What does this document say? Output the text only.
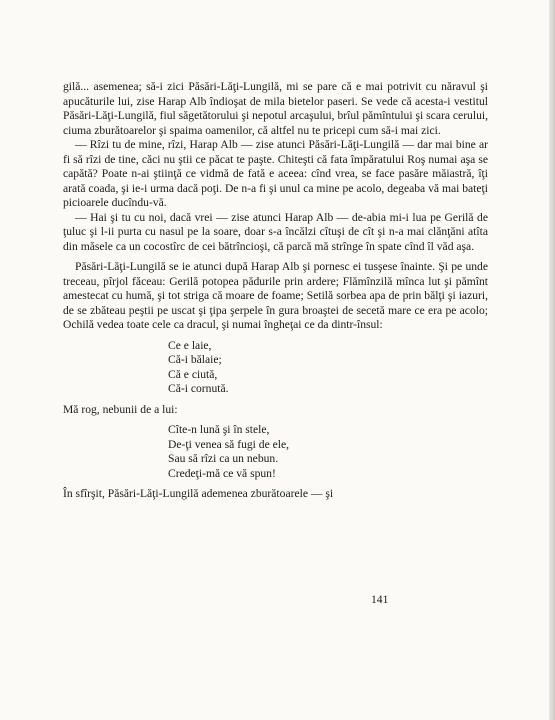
gilă... asemenea; să-i zici Păsări-Lăţi-Lungilă, mi se pare că e mai potrivit cu năravul şi apucăturile lui, zise Harap Alb îndioşat de mila bietelor paseri. Se vede că acesta-i vestitul Păsări-Lăţi-Lungilă, fiul săgetătorului şi nepotul arcaşului, brîul pămîntului şi scara cerului, ciuma zburătoarelor şi spaima oamenilor, că altfel nu te pricepi cum să-i mai zici.

— Rîzi tu de mine, rîzi, Harap Alb — zise atunci Păsări-Lăţi-Lungilă — dar mai bine ar fi să rîzi de tine, căci nu ştii ce păcat te paşte. Chiteşti că fata împăratului Roş numai aşa se capătă? Poate n-ai ştiinţă ce vidmă de fată e aceea: cînd vrea, se face pasăre măiastră, îţi arată coada, şi ie-i urma dacă poţi. De n-a fi şi unul ca mine pe acolo, degeaba vă mai bateţi picioarele ducîndu-vă.

— Hai şi tu cu noi, dacă vrei — zise atunci Harap Alb — de-abia mi-i lua pe Gerilă de ţuluc şi l-ii purta cu nasul pe la soare, doar s-a încălzi cîtuşi de cît şi n-a mai clănţăni atîta din măsele ca un cocostîrc de cei bătrîncioşi, că parcă mă strînge în spate cînd îl văd aşa.

Păsări-Lăţi-Lungilă se ie atunci după Harap Alb şi pornesc ei tusşese înainte. Şi pe unde treceau, pîrjol făceau: Gerilă potopea pădurile prin ardere; Flămînzilă mînca lut şi pămînt amestecat cu humă, şi tot striga că moare de foame; Setilă sorbea apa de prin bălţi şi iazuri, de se zbăteau peştii pe uscat şi ţipa şerpele în gura broaştei de secetă mare ce era pe acolo; Ochilă vedea toate cele ca dracul, şi numai îngheţai ce da dintr-însul:

Ce e laie,
Că-i bălaie;
Că e ciută,
Că-i cornută.

Mă rog, nebunii de a lui:

Cîte-n lună şi în stele,
De-ţi venea să fugi de ele,
Sau să rîzi ca un nebun.
Credeţi-mă ce vă spun!

În sfîrşit, Păsări-Lăţi-Lungilă ademenea zburătoarele — şi

141
